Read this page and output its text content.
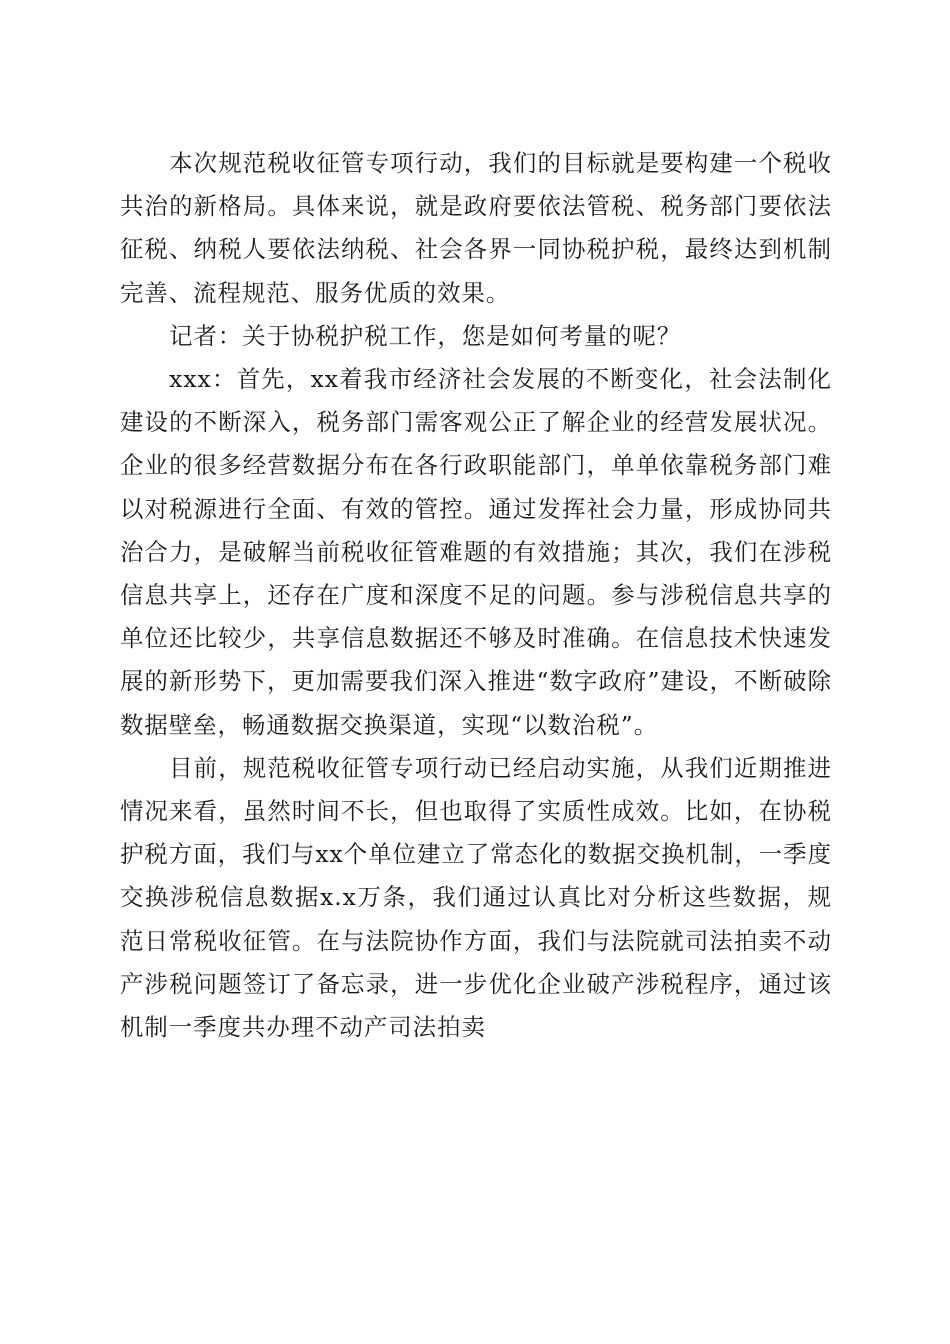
本次规范税收征管专项行动，我们的目标就是要构建一个税收共治的新格局。具体来说，就是政府要依法管税、税务部门要依法征税、纳税人要依法纳税、社会各界一同协税护税，最终达到机制完善、流程规范、服务优质的效果。

记者：关于协税护税工作，您是如何考量的呢？

xxx：首先，xx着我市经济社会发展的不断变化，社会法制化建设的不断深入，税务部门需客观公正了解企业的经营发展状况。企业的很多经营数据分布在各行政职能部门，单单依靠税务部门难以对税源进行全面、有效的管控。通过发挥社会力量，形成协同共治合力，是破解当前税收征管难题的有效措施；其次，我们在涉税信息共享上，还存在广度和深度不足的问题。参与涉税信息共享的单位还比较少，共享信息数据还不够及时准确。在信息技术快速发展的新形势下，更加需要我们深入推进“数字政府”建设，不断破除数据壁垒，畅通数据交换渠道，实现“以数治税”。

目前，规范税收征管专项行动已经启动实施，从我们近期推进情况来看，虽然时间不长，但也取得了实质性成效。比如，在协税护税方面，我们与xx个单位建立了常态化的数据交换机制，一季度交换涉税信息数据x.x万条，我们通过认真比对分析这些数据，规范日常税收征管。在与法院协作方面，我们与法院就司法拍卖不动产涉税问题签订了备忘录，进一步优化企业破产涉税程序，通过该机制一季度共办理不动产司法拍卖
